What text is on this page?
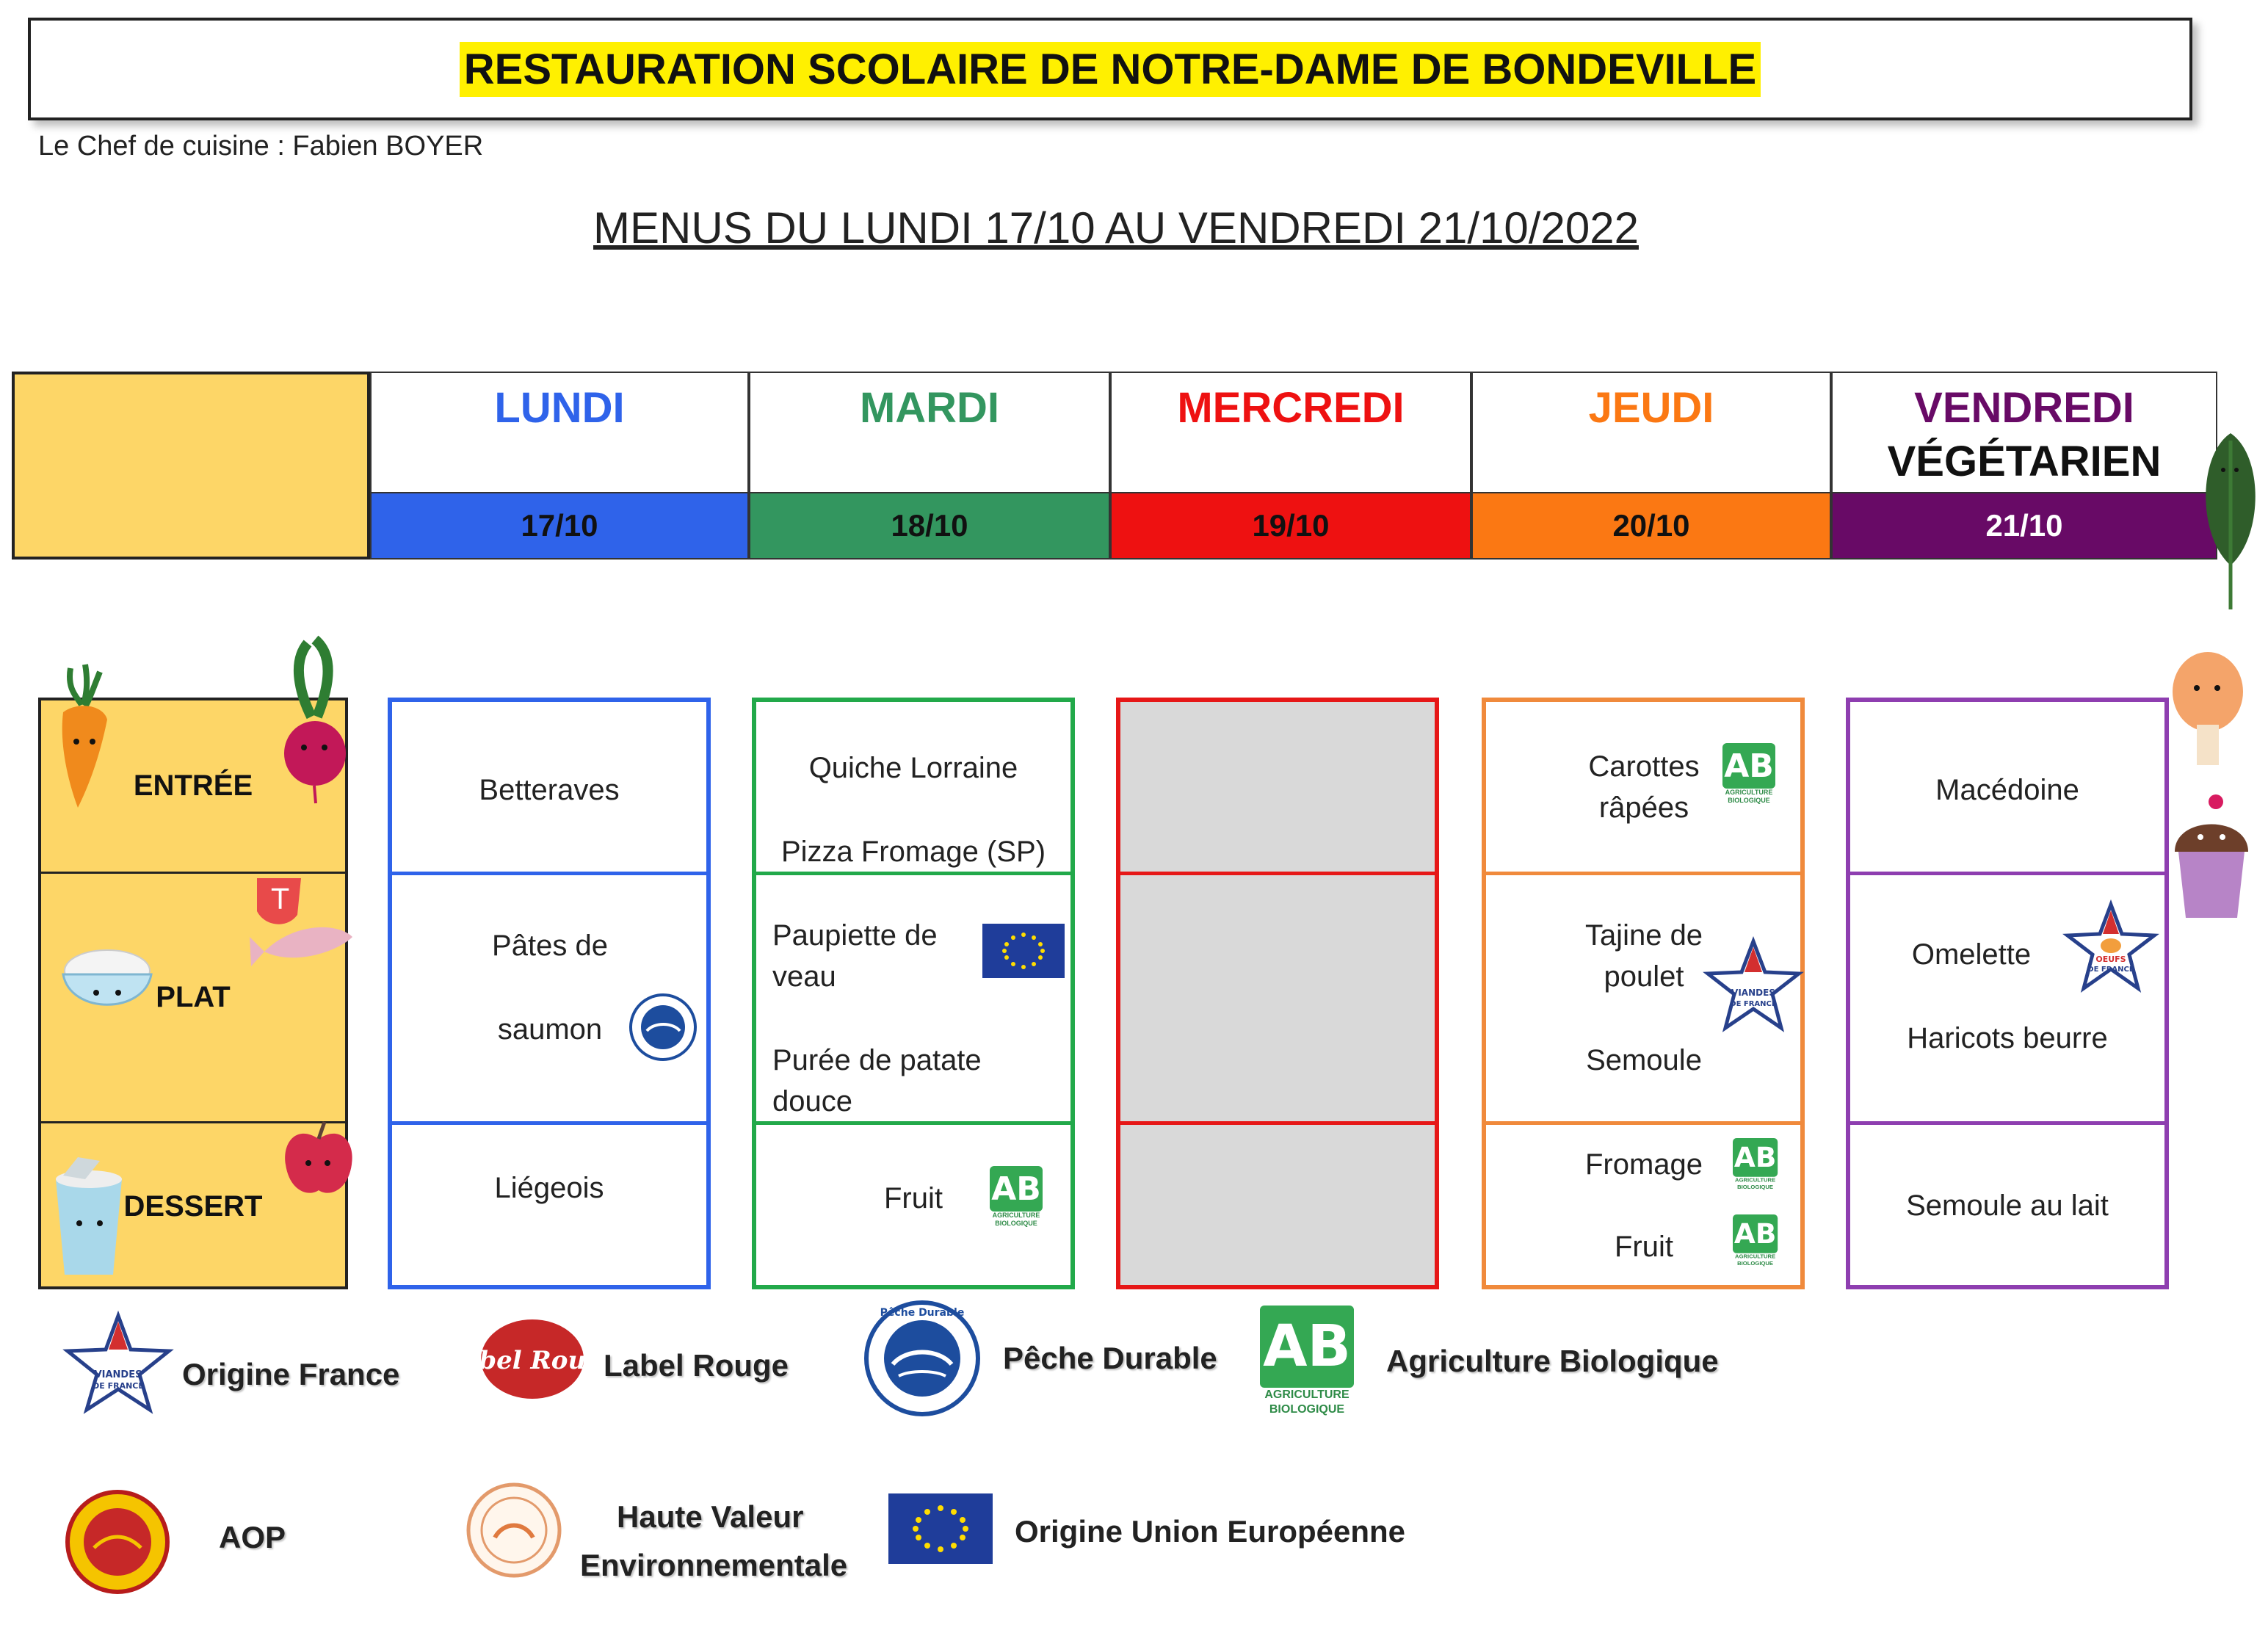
RESTAURATION SCOLAIRE DE NOTRE-DAME DE BONDEVILLE
Le Chef de cuisine : Fabien BOYER
MENUS DU LUNDI 17/10 AU VENDREDI 21/10/2022
LUNDI
17/10
MARDI
18/10
MERCREDI
19/10
JEUDI
20/10
VENDREDI
VÉGÉTARIEN
21/10
ENTRÉE
PLAT
DESSERT
T
Betteraves
Pâtes de
saumon
Liégeois
Quiche Lorraine
Pizza Fromage (SP)
Paupiette de
veau
Purée de patate
douce
Fruit	AB
AGRICULTURE
BIOLOGIQUE
Carottes
râpées
AB
AGRICULTURE
BIOLOGIQUE
Tajine de
poulet
Semoule
VIANDES
DE FRANCE
Fromage
Fruit
AB
AGRICULTURE
BIOLOGIQUE
AB
AGRICULTURE
BIOLOGIQUE
Macédoine
Omelette
Haricots beurre
OEUFS
DE FRANCE
Semoule au lait
VIANDES
DE FRANCE Origine France Label Rouge
Label Rouge
Pêche Durable
Pêche Durable AB
AGRICULTURE
BIOLOGIQUE
Agriculture Biologique
AOP
Haute Valeur
Environnementale
Origine Union Européenne
